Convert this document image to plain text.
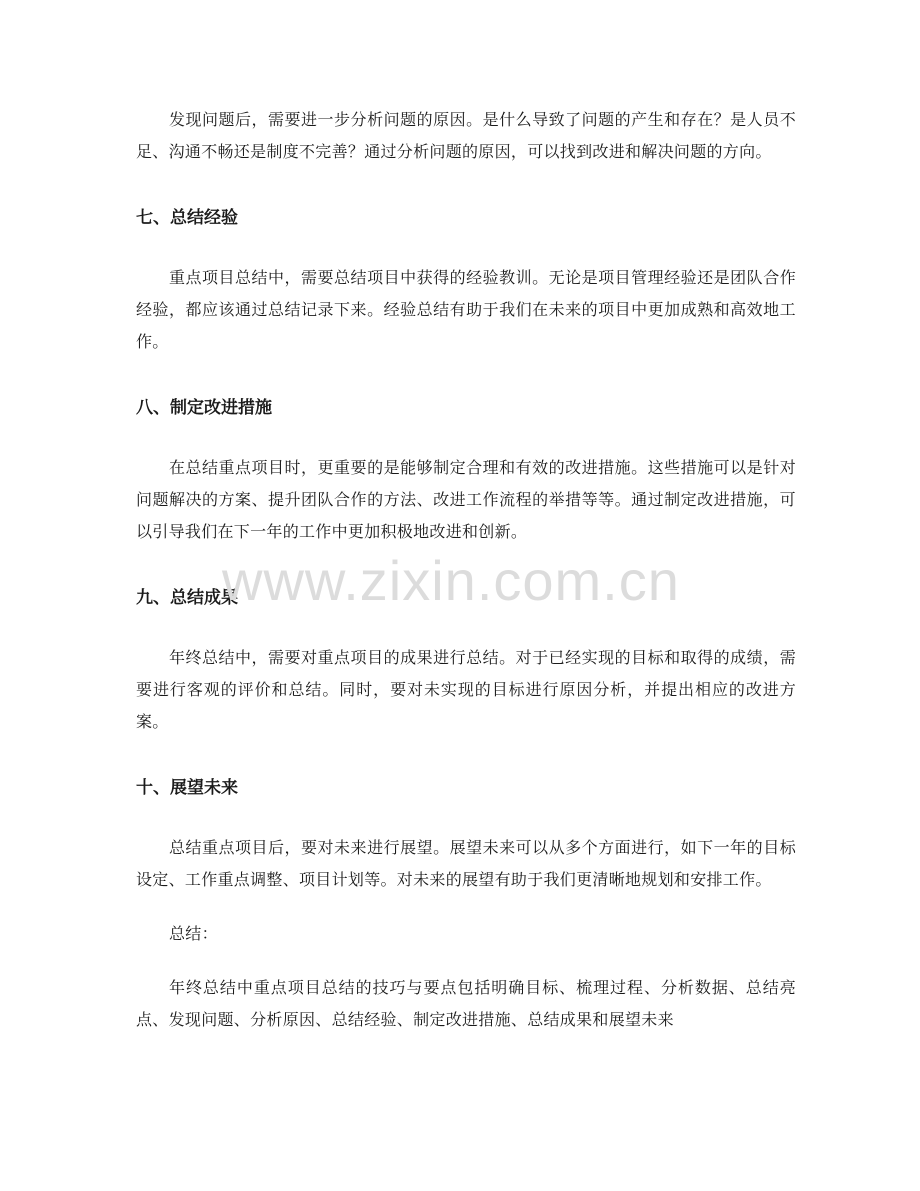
发现问题后，需要进一步分析问题的原因。是什么导致了问题的产生和存在？是人员不足、沟通不畅还是制度不完善？通过分析问题的原因，可以找到改进和解决问题的方向。

七、总结经验

重点项目总结中，需要总结项目中获得的经验教训。无论是项目管理经验还是团队合作经验，都应该通过总结记录下来。经验总结有助于我们在未来的项目中更加成熟和高效地工作。

八、制定改进措施

在总结重点项目时，更重要的是能够制定合理和有效的改进措施。这些措施可以是针对问题解决的方案、提升团队合作的方法、改进工作流程的举措等等。通过制定改进措施，可以引导我们在下一年的工作中更加积极地改进和创新。

九、总结成果

年终总结中，需要对重点项目的成果进行总结。对于已经实现的目标和取得的成绩，需要进行客观的评价和总结。同时，要对未实现的目标进行原因分析，并提出相应的改进方案。

十、展望未来

总结重点项目后，要对未来进行展望。展望未来可以从多个方面进行，如下一年的目标设定、工作重点调整、项目计划等。对未来的展望有助于我们更清晰地规划和安排工作。

总结：

年终总结中重点项目总结的技巧与要点包括明确目标、梳理过程、分析数据、总结亮点、发现问题、分析原因、总结经验、制定改进措施、总结成果和展望未来

www.zixin.com.cn
